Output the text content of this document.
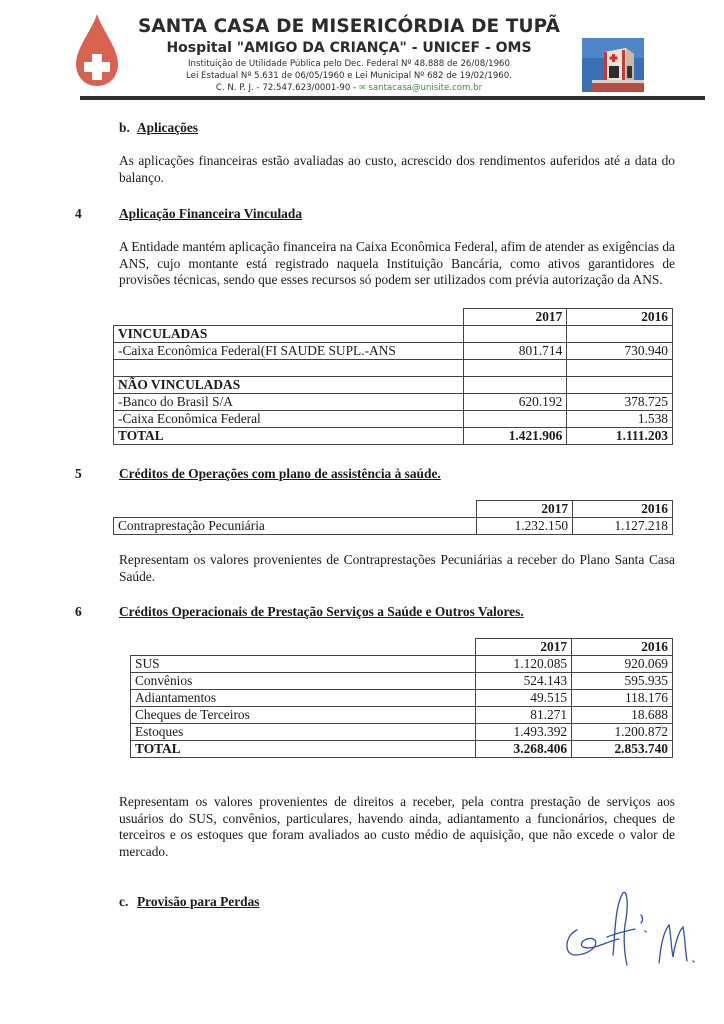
SANTA CASA DE MISERICÓRDIA DE TUPÃ
Hospital "AMIGO DA CRIANÇA" - UNICEF - OMS
Instituição de Utilidade Pública pelo Dec. Federal Nº 48.888 de 26/08/1960
Lei Estadual Nº 5.631 de 06/05/1960 e Lei Municipal Nº 682 de 19/02/1960.
C. N. P. J. - 72.547.623/0001-90 - ✉ santacasa@unisite.com.br
b. Aplicações
As aplicações financeiras estão avaliadas ao custo, acrescido dos rendimentos auferidos até a data do balanço.
4	Aplicação Financeira Vinculada
A Entidade mantém aplicação financeira na Caixa Econômica Federal, afim de atender as exigências da ANS, cujo montante está registrado naquela Instituição Bancária, como ativos garantidores de provisões técnicas, sendo que esses recursos só podem ser utilizados com prévia autorização da ANS.
	2017	2016
VINCULADAS		
-Caixa Econômica Federal(FI SAUDE SUPL.-ANS	801.714	730.940

NÃO VINCULADAS		
-Banco do Brasil S/A	620.192	378.725
-Caixa Econômica Federal		1.538
TOTAL	1.421.906	1.111.203
5	Créditos de Operações com plano de assistência à saúde.
	2017	2016
Contraprestação Pecuniária	1.232.150	1.127.218
Representam os valores provenientes de Contraprestações Pecuniárias a receber do Plano Santa Casa Saúde.
6	Créditos Operacionais de Prestação Serviços a Saúde e Outros Valores.
	2017	2016
SUS	1.120.085	920.069
Convênios	524.143	595.935
Adiantamentos	49.515	118.176
Cheques de Terceiros	81.271	18.688
Estoques	1.493.392	1.200.872
TOTAL	3.268.406	2.853.740
Representam os valores provenientes de direitos a receber, pela contra prestação de serviços aos usuários do SUS, convênios, particulares, havendo ainda, adiantamento a funcionários, cheques de terceiros e os estoques que foram avaliados ao custo médio de aquisição, que não excede o valor de mercado.
c. Provisão para Perdas
